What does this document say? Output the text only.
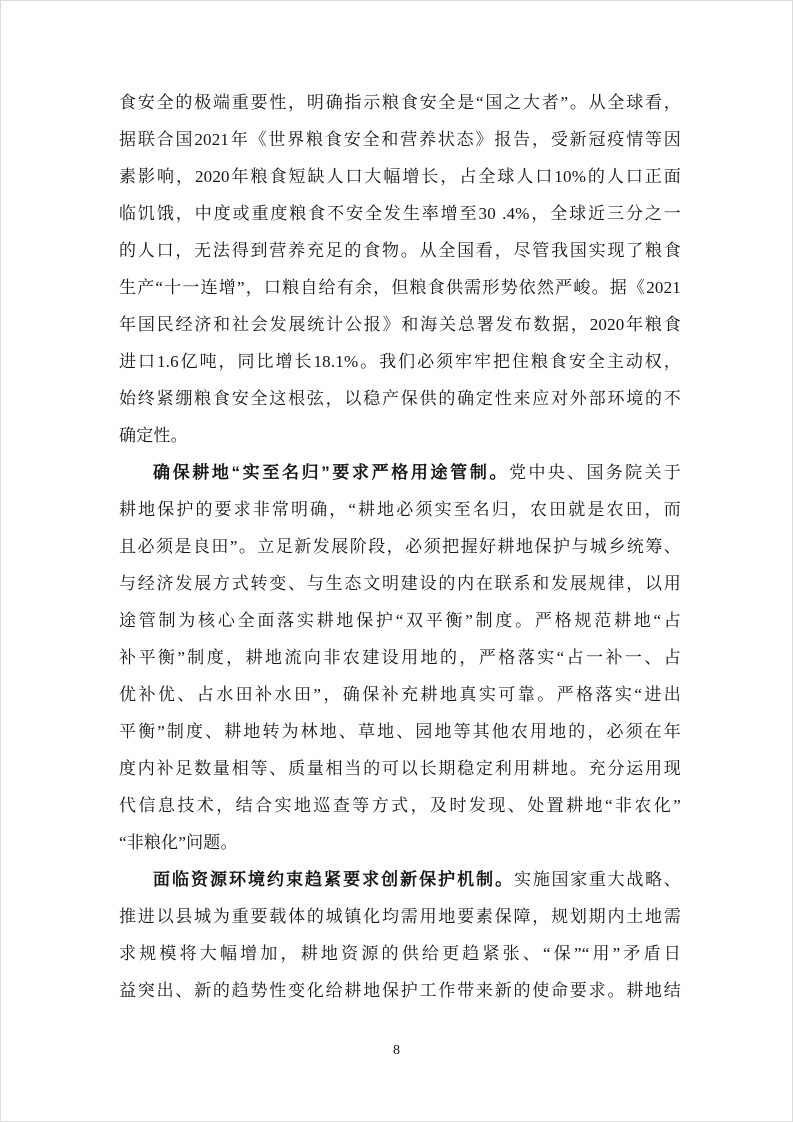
食安全的极端重要性，明确指示粮食安全是“国之大者”。从全球看，
据联合国2021年《世界粮食安全和营养状态》报告，受新冠疫情等因
素影响，2020年粮食短缺人口大幅增长，占全球人口10%的人口正面
临饥饿，中度或重度粮食不安全发生率增至30 .4%，全球近三分之一
的人口，无法得到营养充足的食物。从全国看，尽管我国实现了粮食
生产“十一连增”，口粮自给有余，但粮食供需形势依然严峻。据《2021
年国民经济和社会发展统计公报》和海关总署发布数据，2020年粮食
进口1.6亿吨，同比增长18.1%。我们必须牢牢把住粮食安全主动权，
始终紧绷粮食安全这根弦，以稳产保供的确定性来应对外部环境的不
确定性。
确保耕地“实至名归”要求严格用途管制。党中央、国务院关于
耕地保护的要求非常明确，“耕地必须实至名归，农田就是农田，而
且必须是良田”。立足新发展阶段，必须把握好耕地保护与城乡统筹、
与经济发展方式转变、与生态文明建设的内在联系和发展规律，以用
途管制为核心全面落实耕地保护“双平衡”制度。严格规范耕地“占
补平衡”制度，耕地流向非农建设用地的，严格落实“占一补一、占
优补优、占水田补水田”，确保补充耕地真实可靠。严格落实“进出
平衡”制度、耕地转为林地、草地、园地等其他农用地的，必须在年
度内补足数量相等、质量相当的可以长期稳定利用耕地。充分运用现
代信息技术，结合实地巡查等方式，及时发现、处置耕地“非农化”
“非粮化”问题。
面临资源环境约束趋紧要求创新保护机制。实施国家重大战略、
推进以县城为重要载体的城镇化均需用地要素保障，规划期内土地需
求规模将大幅增加，耕地资源的供给更趋紧张、“保”“用”矛盾日
益突出、新的趋势性变化给耕地保护工作带来新的使命要求。耕地结
8
